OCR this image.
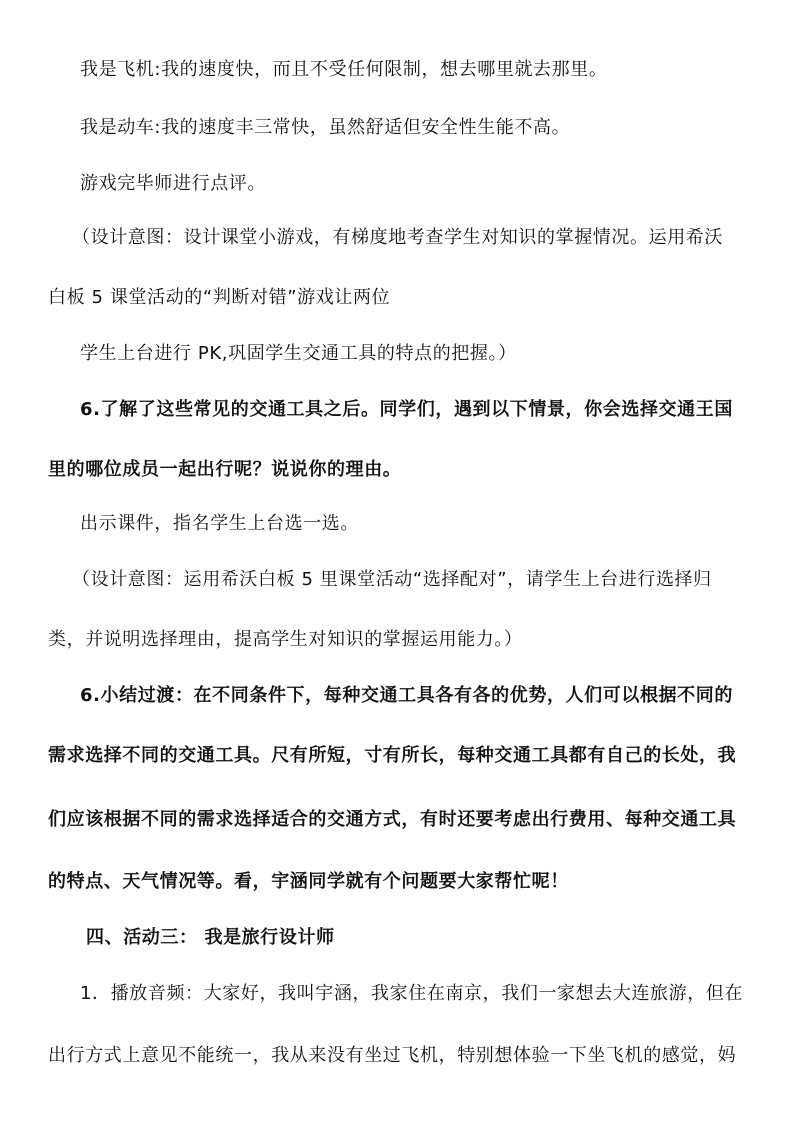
我是飞机:我的速度快，而且不受任何限制，想去哪里就去那里。
我是动车:我的速度丰三常快，虽然舒适但安全性生能不高。
游戏完毕师进行点评。
（设计意图：设计课堂小游戏，有梯度地考查学生对知识的掌握情况。运用希沃
白板 5 课堂活动的“判断对错”游戏让两位
学生上台进行 PK,巩固学生交通工具的特点的把握。）
6.了解了这些常见的交通工具之后。同学们，遇到以下情景，你会选择交通王国
里的哪位成员一起出行呢？说说你的理由。
出示课件，指名学生上台选一选。
（设计意图：运用希沃白板 5 里课堂活动“选择配对”，请学生上台进行选择归
类，并说明选择理由，提高学生对知识的掌握运用能力。）
6.小结过渡：在不同条件下，每种交通工具各有各的优势，人们可以根据不同的
需求选择不同的交通工具。尺有所短，寸有所长，每种交通工具都有自己的长处，我
们应该根据不同的需求选择适合的交通方式，有时还要考虑出行费用、每种交通工具
的特点、天气情况等。看，宇涵同学就有个问题要大家帮忙呢！
四、活动三： 我是旅行设计师
1．播放音频：大家好，我叫宇涵，我家住在南京，我们一家想去大连旅游，但在
出行方式上意见不能统一，我从来没有坐过飞机，特别想体验一下坐飞机的感觉，妈
